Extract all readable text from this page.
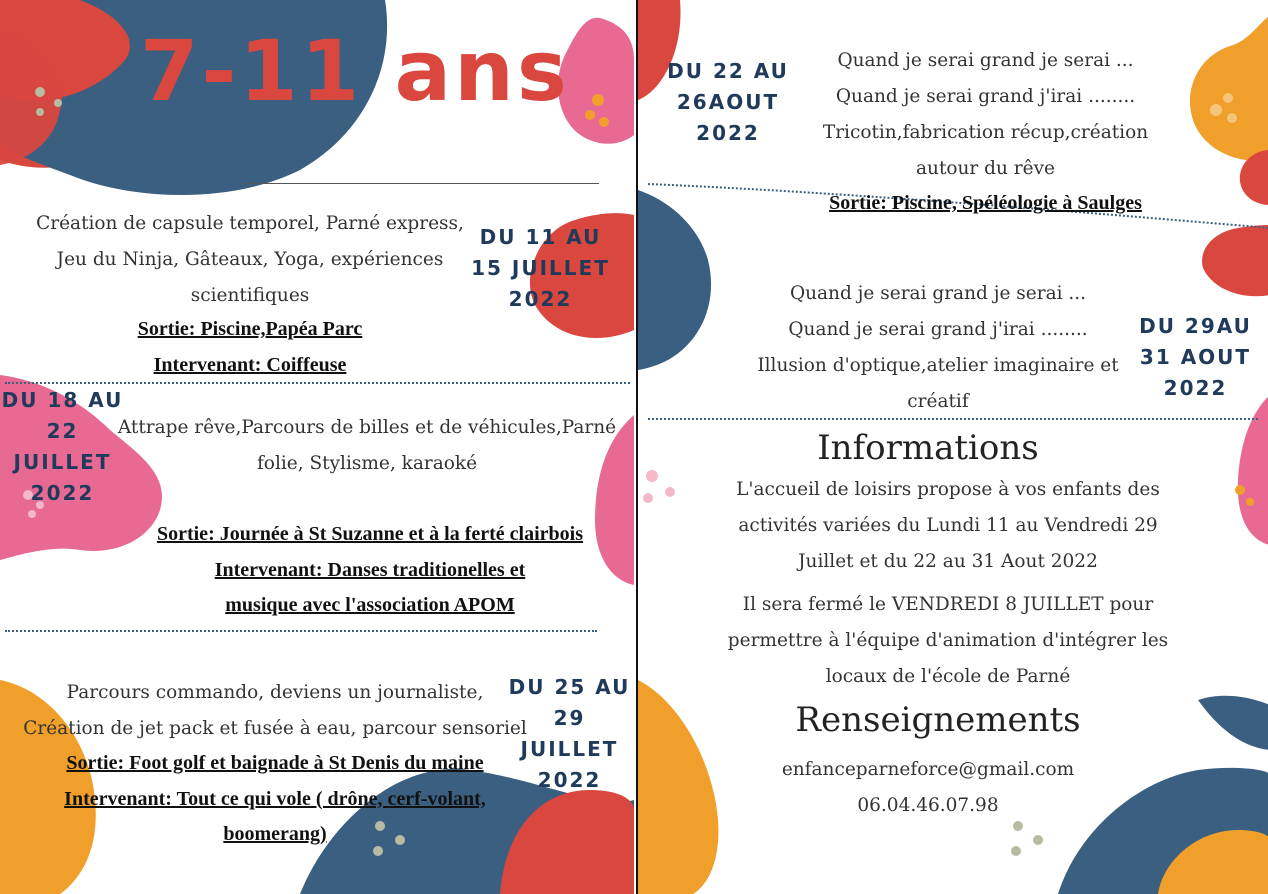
7-11 ans
Création de capsule temporel, Parné express,
Jeu du Ninja, Gâteaux, Yoga, expériences
scientifiques
DU 11 AU
15 JUILLET
2022
Sortie: Piscine,Papéa Parc
Intervenant: Coiffeuse
DU 18 AU
22
JUILLET
2022
Attrape rêve,Parcours de billes et de véhicules,Parné
folie, Stylisme, karaoké
Sortie: Journée à St Suzanne et à la ferté clairbois
Intervenant: Danses traditionelles et
musique avec l'association APOM
Parcours commando, deviens un journaliste,
Création de jet pack et fusée à eau, parcour sensoriel
DU 25 AU
29
JUILLET
2022
Sortie: Foot golf et baignade à St Denis du maine
Intervenant: Tout ce qui vole ( drône, cerf-volant,
boomerang)
DU 22 AU
26AOUT
2022
Quand je serai grand je serai ...
Quand je serai grand j'irai ........
Tricotin,fabrication récup,création
autour du rêve
Sortie: Piscine, Spéléologie à Saulges
Quand je serai grand je serai ...
Quand je serai grand j'irai ........
Illusion d'optique,atelier imaginaire et
créatif
DU 29AU
31 AOUT
2022
Informations
L'accueil de loisirs propose à vos enfants des
activités variées du Lundi 11 au Vendredi 29
Juillet et du 22 au 31 Aout 2022
Il sera fermé le VENDREDI 8 JUILLET pour
permettre à l'équipe d'animation d'intégrer les
locaux de l'école de Parné
Renseignements
enfanceparneforce@gmail.com
06.04.46.07.98
